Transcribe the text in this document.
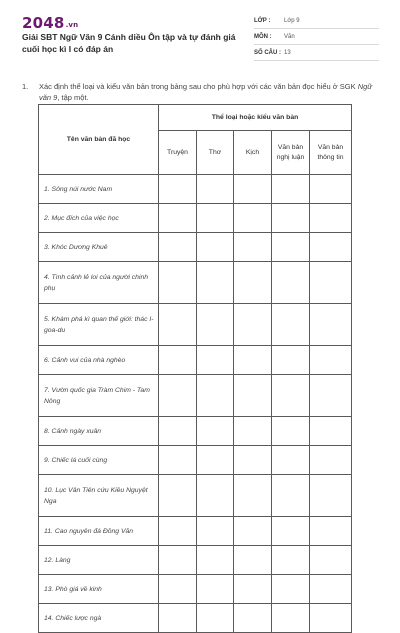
2048.vn
Giải SBT Ngữ Văn 9 Cánh diều Ôn tập và tự đánh giá cuối học kì I có đáp án
LỚP : Lớp 9
MÔN : Văn
SỐ CÂU : 13
1. Xác định thể loại và kiểu văn bản trong bảng sau cho phù hợp với các văn bản đọc hiểu ở SGK Ngữ văn 9, tập một.
Tên văn bản đã học	Thể loại hoặc kiểu văn bản				
	Truyện	Thơ	Kịch	Văn bản nghị luận	Văn bản thông tin
1. Sông núi nước Nam					
2. Mục đích của việc học					
3. Khóc Dương Khuê					
4. Tình cảnh lẻ loi của người chinh phụ					
5. Khám phá kì quan thế giới: thác I-goa-du					
6. Cảnh vui của nhà nghèo					
7. Vườn quốc gia Tràm Chim - Tam Nông					
8. Cảnh ngày xuân					
9. Chiếc lá cuối cùng					
10. Lục Vân Tiên cứu Kiều Nguyệt Nga					
11. Cao nguyên đá Đồng Văn					
12. Làng					
13. Phò giá về kinh					
14. Chiếc lược ngà					
